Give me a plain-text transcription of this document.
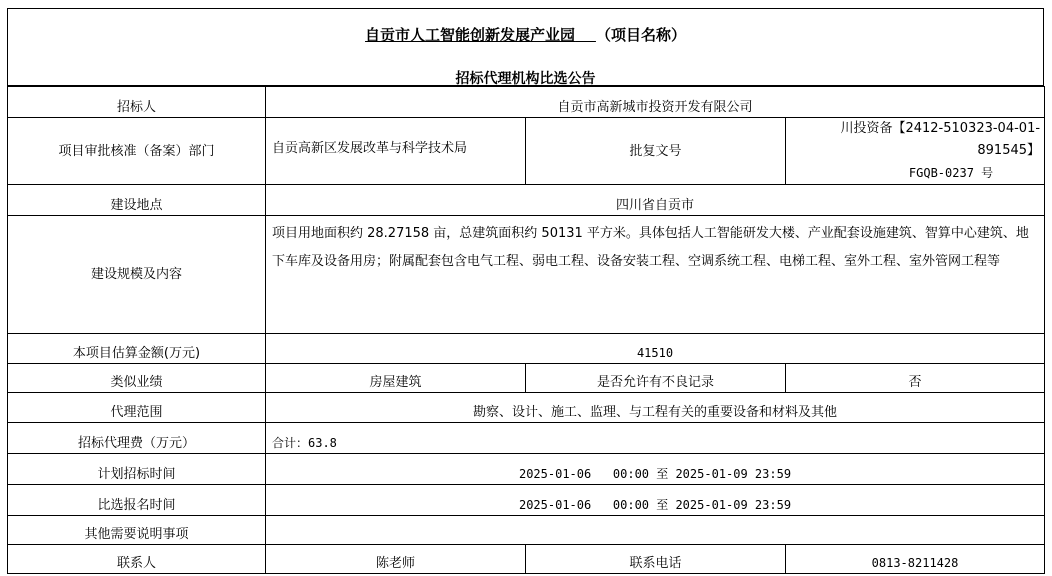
自贡市人工智能创新发展产业园 （项目名称）
招标代理机构比选公告
招标人	自贡市高新城市投资开发有限公司		
项目审批核准（备案）部门	自贡高新区发展改革与科学技术局	批复文号	川投资备【2412-510323-04-01-891545】
FGQB-0237 号

建设地点	四川省自贡市		
建设规模及内容	项目用地面积约 28.27158 亩，总建筑面积约 50131 平方米。具体包括人工智能研发大楼、产业配套设施建筑、智算中心建筑、地下车库及设备用房；附属配套包含电气工程、弱电工程、设备安装工程、空调系统工程、电梯工程、室外工程、室外管网工程等		
本项目估算金额(万元)	41510		
类似业绩	房屋建筑	是否允许有不良记录	否
代理范围	勘察、设计、施工、监理、与工程有关的重要设备和材料及其他		
招标代理费（万元）	合计：63.8		
计划招标时间	2025-01-06   00:00 至 2025-01-09 23:59		
比选报名时间	2025-01-06   00:00 至 2025-01-09 23:59		
其他需要说明事项			
联系人	陈老师	联系电话	0813-8211428
